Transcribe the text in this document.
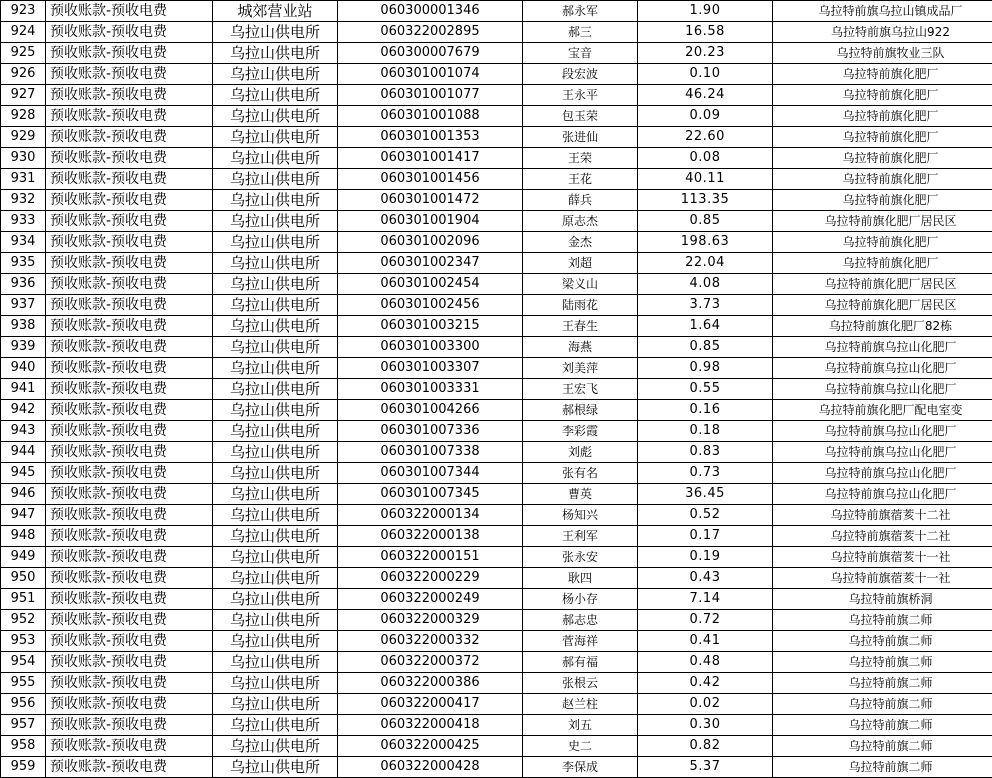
923	预收账款-预收电费	城郊营业站	060300001346	郝永军	1.90	乌拉特前旗乌拉山镇成品厂
924	预收账款-预收电费	乌拉山供电所	060322002895	郝三	16.58	乌拉特前旗乌拉山922
925	预收账款-预收电费	乌拉山供电所	060300007679	宝音	20.23	乌拉特前旗牧业三队
926	预收账款-预收电费	乌拉山供电所	060301001074	段宏波	0.10	乌拉特前旗化肥厂
927	预收账款-预收电费	乌拉山供电所	060301001077	王永平	46.24	乌拉特前旗化肥厂
928	预收账款-预收电费	乌拉山供电所	060301001088	包玉荣	0.09	乌拉特前旗化肥厂
929	预收账款-预收电费	乌拉山供电所	060301001353	张进仙	22.60	乌拉特前旗化肥厂
930	预收账款-预收电费	乌拉山供电所	060301001417	王荣	0.08	乌拉特前旗化肥厂
931	预收账款-预收电费	乌拉山供电所	060301001456	王花	40.11	乌拉特前旗化肥厂
932	预收账款-预收电费	乌拉山供电所	060301001472	薛兵	113.35	乌拉特前旗化肥厂
933	预收账款-预收电费	乌拉山供电所	060301001904	原志杰	0.85	乌拉特前旗化肥厂居民区
934	预收账款-预收电费	乌拉山供电所	060301002096	金杰	198.63	乌拉特前旗化肥厂
935	预收账款-预收电费	乌拉山供电所	060301002347	刘超	22.04	乌拉特前旗化肥厂
936	预收账款-预收电费	乌拉山供电所	060301002454	梁义山	4.08	乌拉特前旗化肥厂居民区
937	预收账款-预收电费	乌拉山供电所	060301002456	陆雨花	3.73	乌拉特前旗化肥厂居民区
938	预收账款-预收电费	乌拉山供电所	060301003215	王春生	1.64	乌拉特前旗化肥厂82栋
939	预收账款-预收电费	乌拉山供电所	060301003300	海燕	0.85	乌拉特前旗乌拉山化肥厂
940	预收账款-预收电费	乌拉山供电所	060301003307	刘美萍	0.98	乌拉特前旗乌拉山化肥厂
941	预收账款-预收电费	乌拉山供电所	060301003331	王宏飞	0.55	乌拉特前旗乌拉山化肥厂
942	预收账款-预收电费	乌拉山供电所	060301004266	郝根绿	0.16	乌拉特前旗化肥厂配电室变
943	预收账款-预收电费	乌拉山供电所	060301007336	李彩霞	0.18	乌拉特前旗乌拉山化肥厂
944	预收账款-预收电费	乌拉山供电所	060301007338	刘彪	0.83	乌拉特前旗乌拉山化肥厂
945	预收账款-预收电费	乌拉山供电所	060301007344	张有名	0.73	乌拉特前旗乌拉山化肥厂
946	预收账款-预收电费	乌拉山供电所	060301007345	曹英	36.45	乌拉特前旗乌拉山化肥厂
947	预收账款-预收电费	乌拉山供电所	060322000134	杨知兴	0.52	乌拉特前旗蓿荄十二社
948	预收账款-预收电费	乌拉山供电所	060322000138	王利军	0.17	乌拉特前旗蓿荄十二社
949	预收账款-预收电费	乌拉山供电所	060322000151	张永安	0.19	乌拉特前旗蓿荄十一社
950	预收账款-预收电费	乌拉山供电所	060322000229	耿四	0.43	乌拉特前旗蓿荄十一社
951	预收账款-预收电费	乌拉山供电所	060322000249	杨小存	7.14	乌拉特前旗桥洞
952	预收账款-预收电费	乌拉山供电所	060322000329	郝志忠	0.72	乌拉特前旗二师
953	预收账款-预收电费	乌拉山供电所	060322000332	菅海祥	0.41	乌拉特前旗二师
954	预收账款-预收电费	乌拉山供电所	060322000372	郝有福	0.48	乌拉特前旗二师
955	预收账款-预收电费	乌拉山供电所	060322000386	张根云	0.42	乌拉特前旗二师
956	预收账款-预收电费	乌拉山供电所	060322000417	赵兰柱	0.02	乌拉特前旗二师
957	预收账款-预收电费	乌拉山供电所	060322000418	刘五	0.30	乌拉特前旗二师
958	预收账款-预收电费	乌拉山供电所	060322000425	史二	0.82	乌拉特前旗二师
959	预收账款-预收电费	乌拉山供电所	060322000428	李保成	5.37	乌拉特前旗二师
